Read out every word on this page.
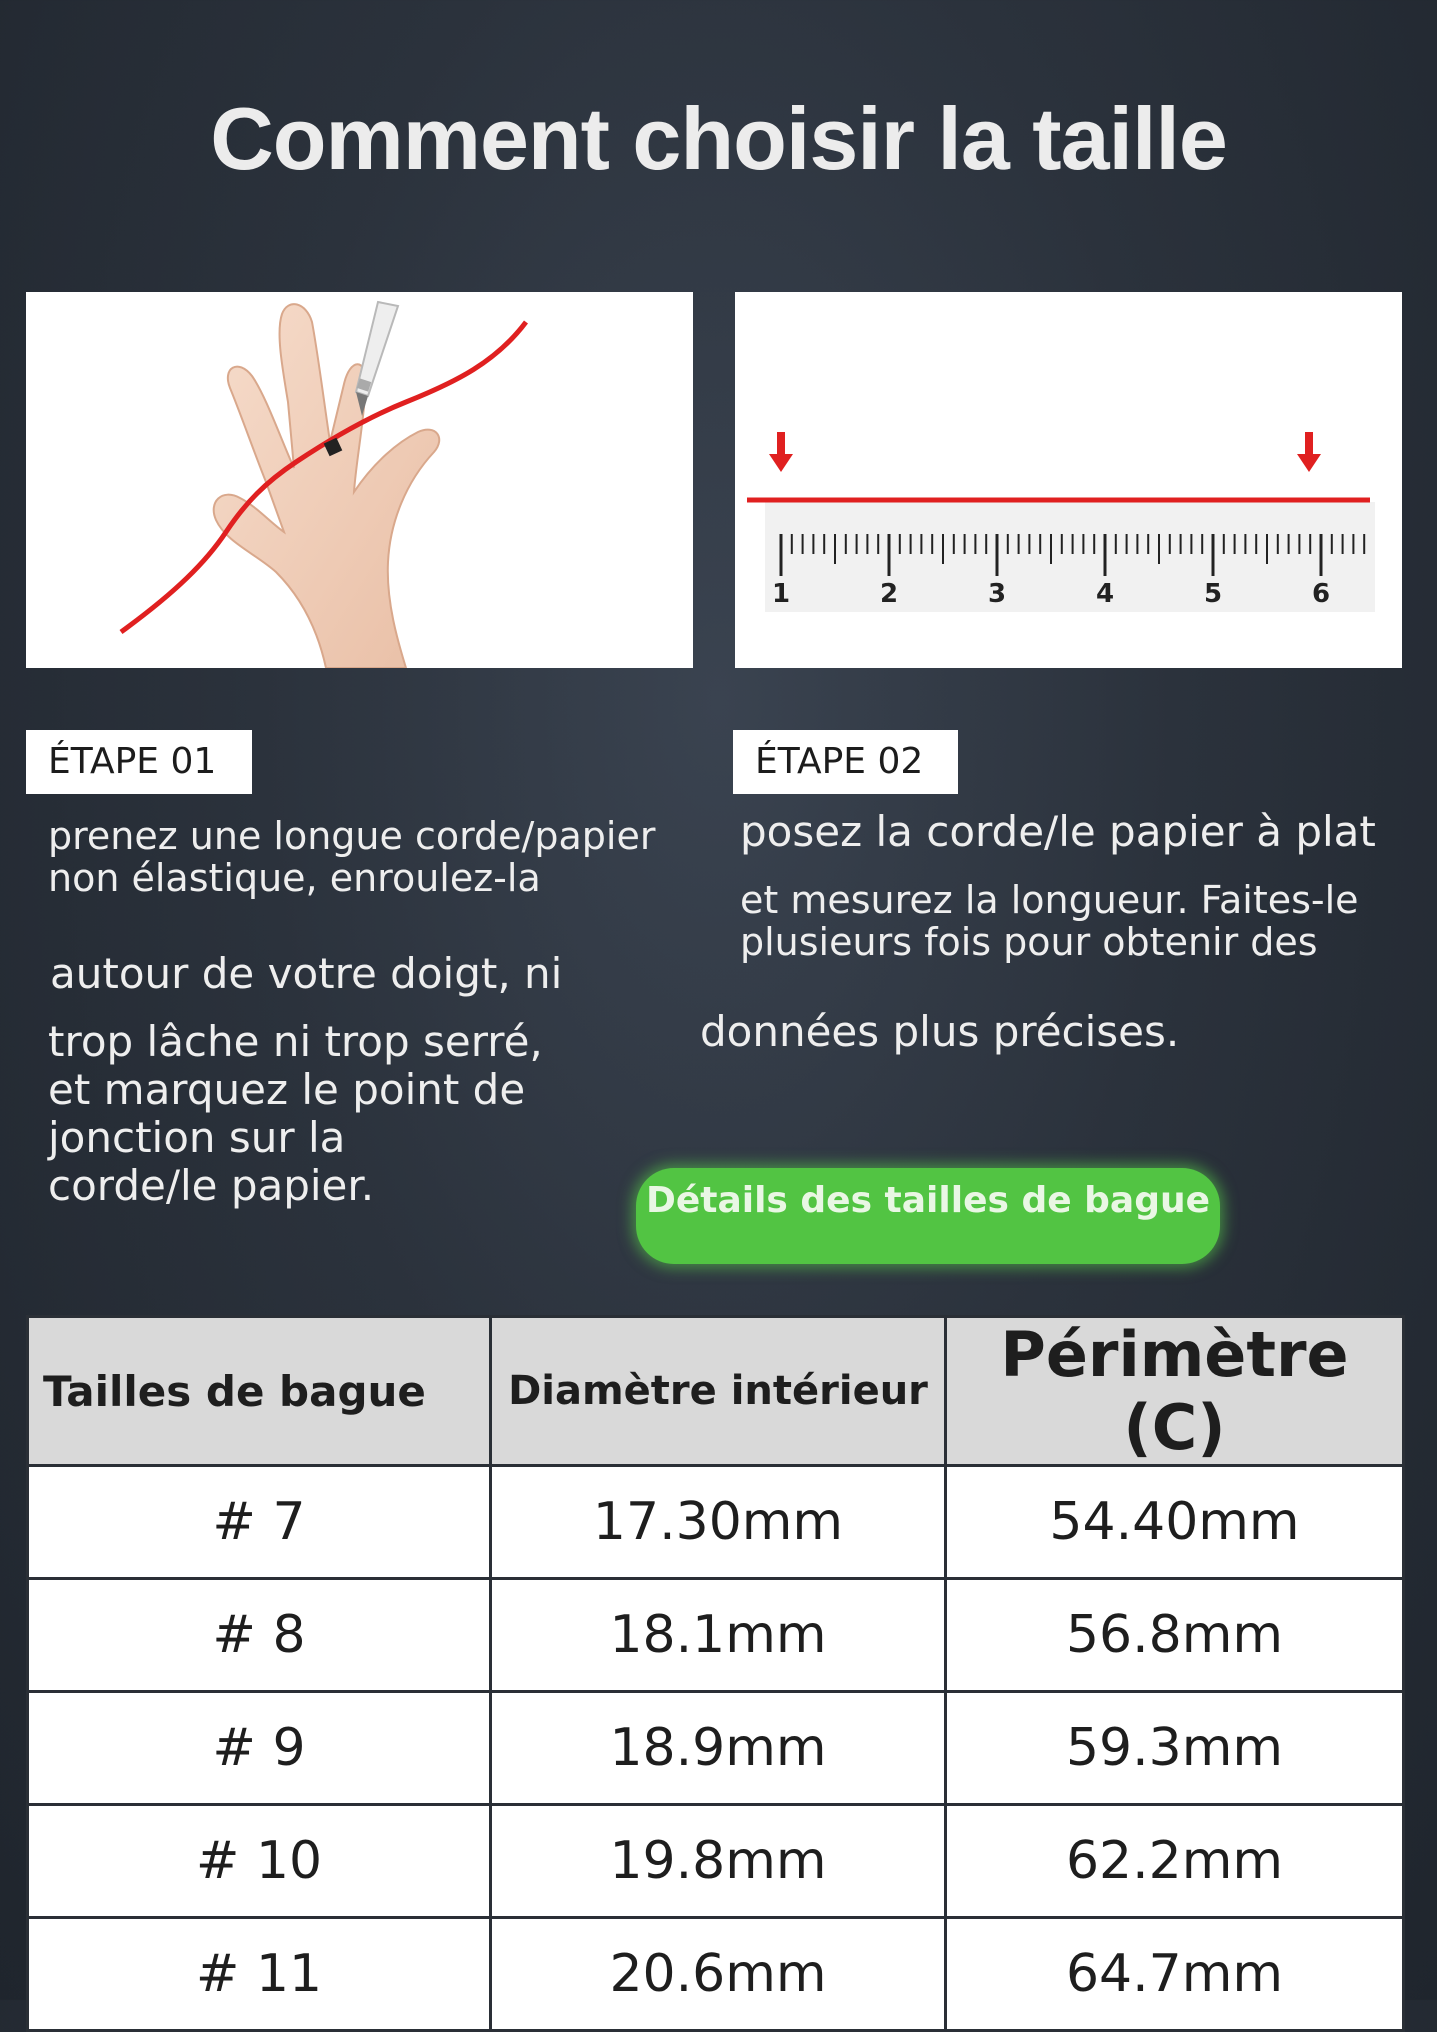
Comment choisir la taille
1	2	3	4	5	6
ÉTAPE 01	ÉTAPE 02
prenez une longue corde/papier
non élastique, enroulez-la
autour de votre doigt, ni
trop lâche ni trop serré,
et marquez le point de
jonction sur la
corde/le papier.
posez la corde/le papier à plat
et mesurez la longueur. Faites-le
plusieurs fois pour obtenir des
données plus précises.
Détails des tailles de bague
Tailles de bague	Diamètre intérieur	Périmètre (C)
# 7	17.30mm	54.40mm
# 8	18.1mm	56.8mm
# 9	18.9mm	59.3mm
# 10	19.8mm	62.2mm
# 11	20.6mm	64.7mm
